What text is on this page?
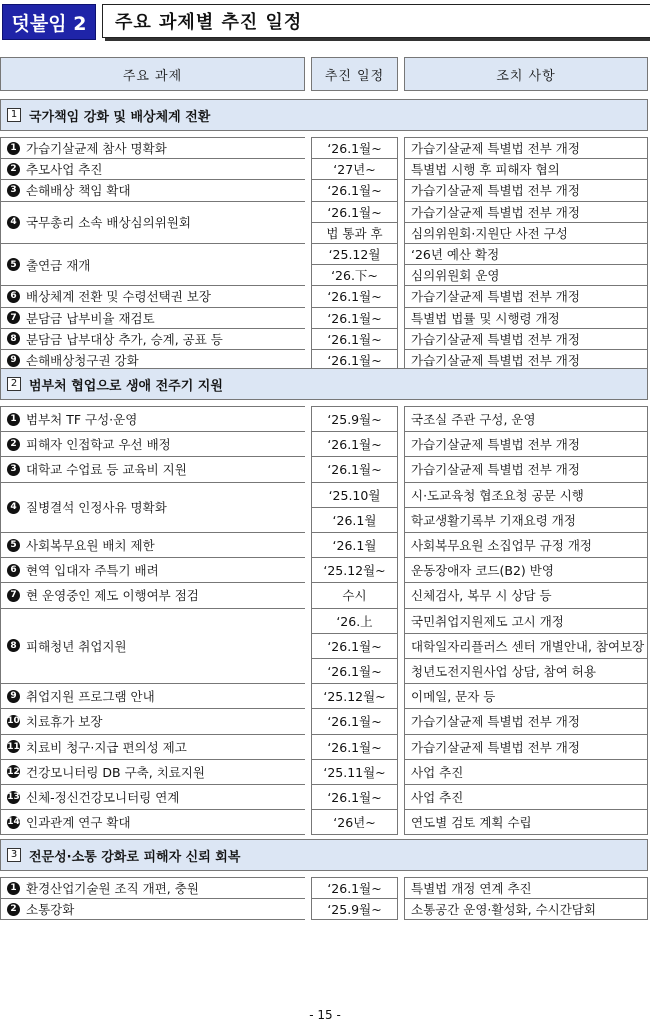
덧붙임 2	주요 과제별 추진 일정
주요 과제	추진 일정	조치 사항
1 국가책임 강화 및 배상체계 전환
1 가습기살균제 참사 명확화	‘26.1월~	가습기살균제 특별법 전부 개정
2 추모사업 추진	‘27년~	특별법 시행 후 피해자 협의
3 손해배상 책임 확대	‘26.1월~	가습기살균제 특별법 전부 개정
4 국무총리 소속 배상심의위원회
‘26.1월~	가습기살균제 특별법 전부 개정
법 통과 후	심의위원회·지원단 사전 구성
5 출연금 재개
‘25.12월	‘26년 예산 확정
‘26.下~	심의위원회 운영
6 배상체계 전환 및 수령선택권 보장	‘26.1월~	가습기살균제 특별법 전부 개정
7 분담금 납부비율 재검토	‘26.1월~	특별법 법률 및 시행령 개정
8 분담금 납부대상 추가, 승계, 공표 등	‘26.1월~	가습기살균제 특별법 전부 개정
9 손해배상청구권 강화	‘26.1월~	가습기살균제 특별법 전부 개정
2 범부처 협업으로 생애 전주기 지원
1 범부처 TF 구성·운영	‘25.9월~	국조실 주관 구성, 운영
2 피해자 인접학교 우선 배정	‘26.1월~	가습기살균제 특별법 전부 개정
3 대학교 수업료 등 교육비 지원	‘26.1월~	가습기살균제 특별법 전부 개정
4 질병결석 인정사유 명확화
‘25.10월	시·도교육청 협조요청 공문 시행
‘26.1월	학교생활기록부 기재요령 개정
5 사회복무요원 배치 제한	‘26.1월	사회복무요원 소집업무 규정 개정
6 현역 입대자 주특기 배려	‘25.12월~	운동장애자 코드(B2) 반영
7 현 운영중인 제도 이행여부 점검	수시	신체검사, 복무 시 상담 등
8 피해청년 취업지원
‘26.上	국민취업지원제도 고시 개정
‘26.1월~	대학일자리플러스 센터 개별안내, 참여보장
‘26.1월~	청년도전지원사업 상담, 참여 허용
9 취업지원 프로그램 안내	‘25.12월~	이메일, 문자 등
10 치료휴가 보장	‘26.1월~	가습기살균제 특별법 전부 개정
11 치료비 청구·지급 편의성 제고	‘26.1월~	가습기살균제 특별법 전부 개정
12 건강모니터링 DB 구축, 치료지원	‘25.11월~	사업 추진
13 신체-정신건강모니터링 연계	‘26.1월~	사업 추진
14 인과관계 연구 확대	‘26년~	연도별 검토 계획 수립
3 전문성·소통 강화로 피해자 신뢰 회복
1 환경산업기술원 조직 개편, 충원	‘26.1월~	특별법 개정 연계 추진
2 소통강화	‘25.9월~	소통공간 운영·활성화, 수시간담회
- 15 -
